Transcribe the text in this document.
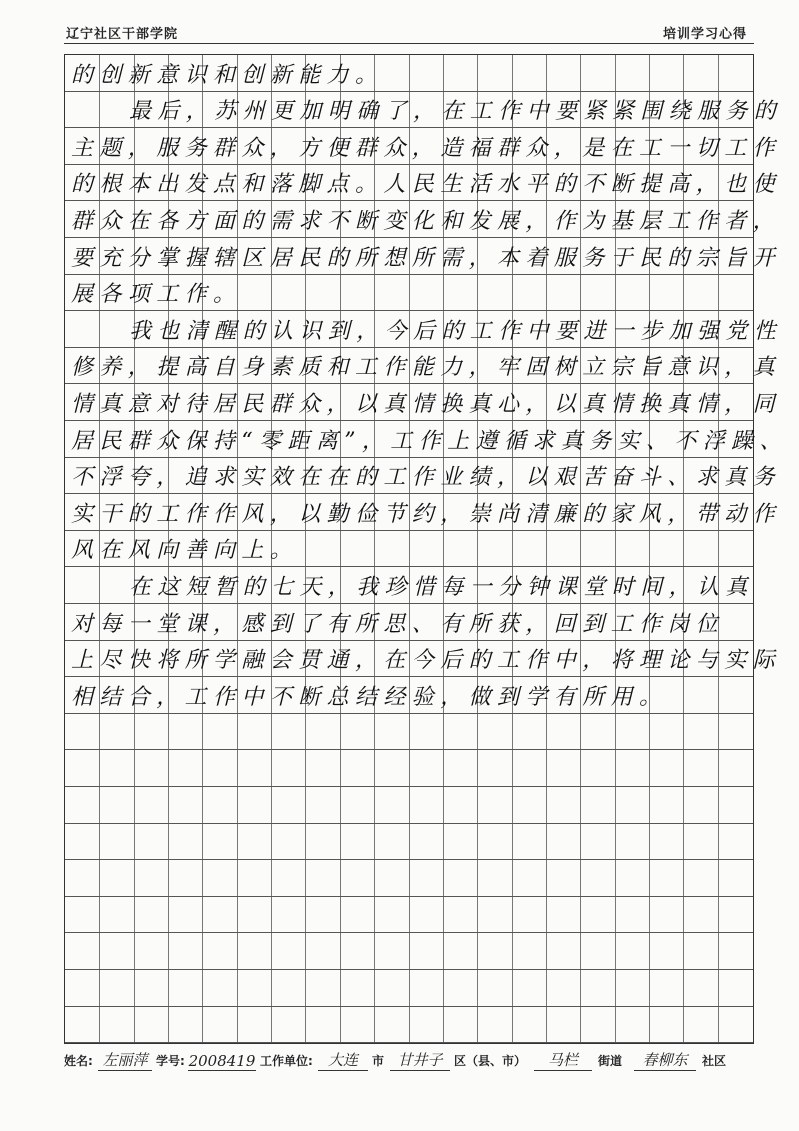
辽宁社区干部学院	培训学习心得
的创新意识和创新能力。
最后，苏州更加明确了，在工作中要紧紧围绕服务的
主题，服务群众，方便群众，造福群众，是在工一切工作
的根本出发点和落脚点。人民生活水平的不断提高，也使
群众在各方面的需求不断变化和发展，作为基层工作者，
要充分掌握辖区居民的所想所需，本着服务于民的宗旨开
展各项工作。
我也清醒的认识到，今后的工作中要进一步加强党性
修养，提高自身素质和工作能力，牢固树立宗旨意识，真
情真意对待居民群众，以真情换真心，以真情换真情，同
居民群众保持“零距离”，工作上遵循求真务实、不浮躁、
不浮夸，追求实效在在的工作业绩，以艰苦奋斗、求真务
实干的工作作风，以勤俭节约，崇尚清廉的家风，带动作
风在风向善向上。
在这短暂的七天，我珍惜每一分钟课堂时间，认真
对每一堂课，感到了有所思、有所获，回到工作岗位
上尽快将所学融会贯通，在今后的工作中，将理论与实际
相结合，工作中不断总结经验，做到学有所用。
姓名: 左丽萍 学号: 2008419 工作单位:	大连	市 甘井子 区（县、市）	马栏	街道	春柳东	社区
